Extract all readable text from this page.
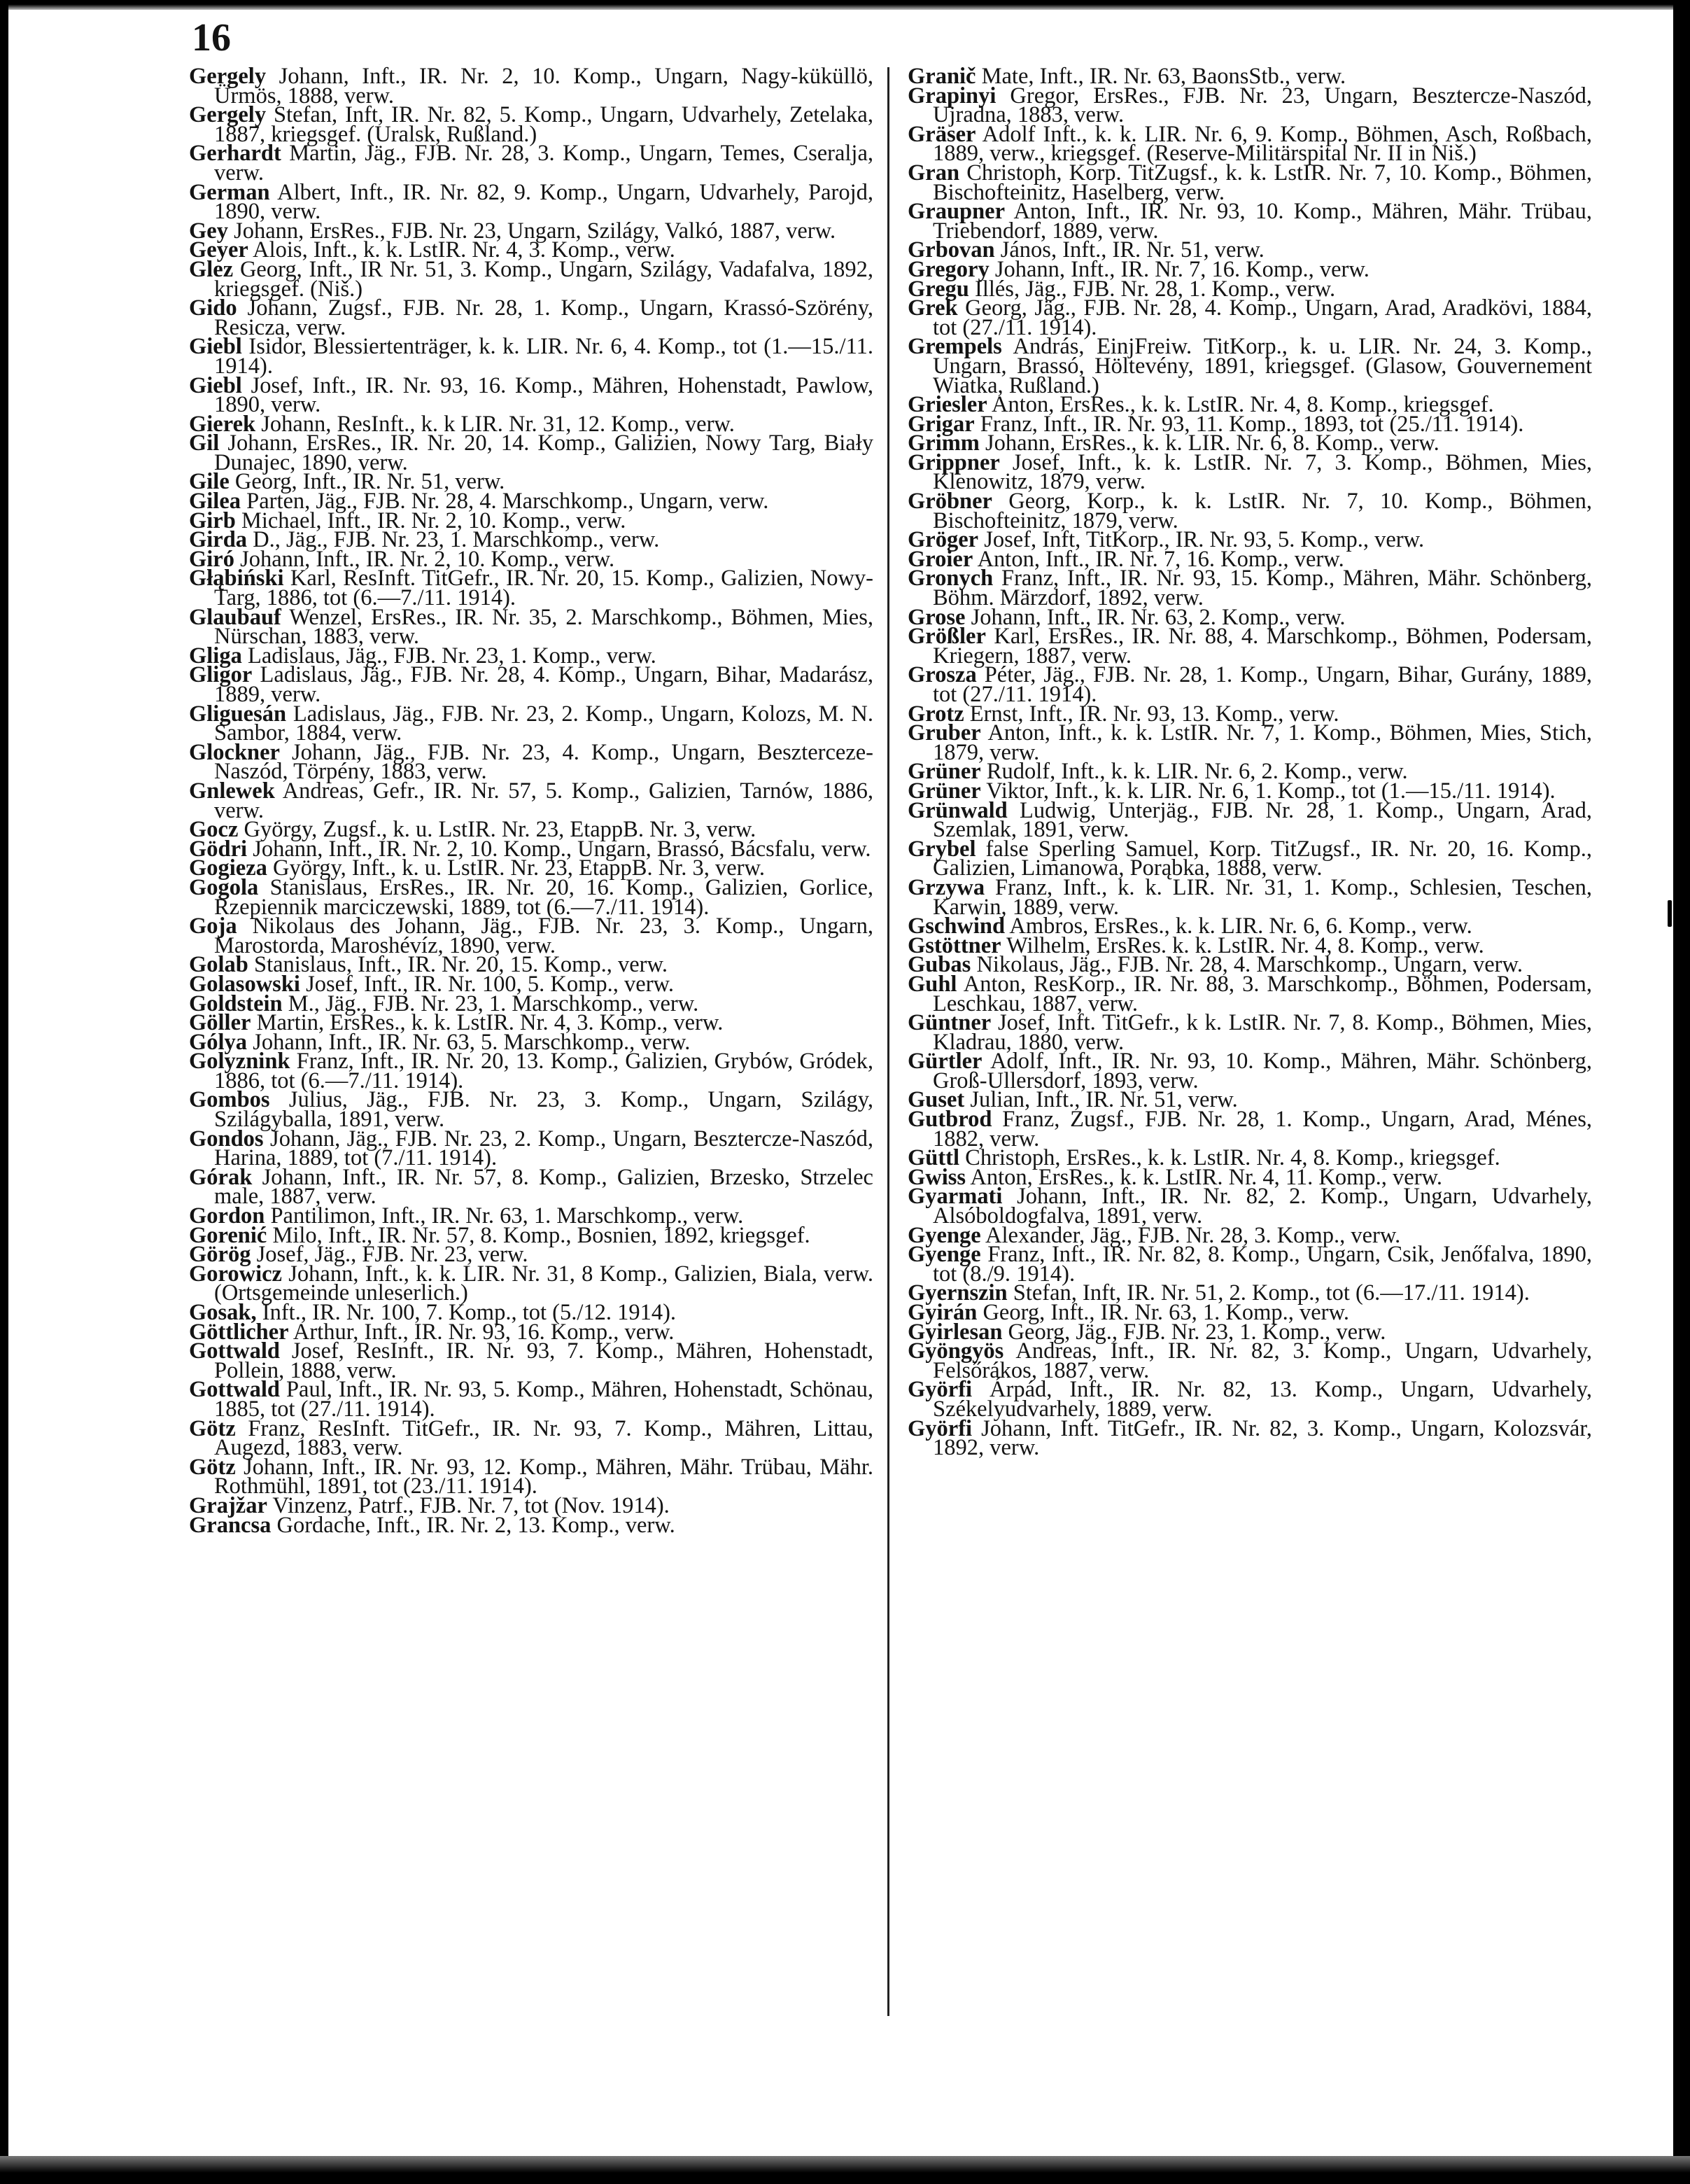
16

Gergely Johann, Inft., IR. Nr. 2, 10. Komp., Ungarn, Nagy-küküllö, Ürmös, 1888, verw.

Gergely Stefan, Inft, IR. Nr. 82, 5. Komp., Ungarn, Udvarhely, Zetelaka, 1887, kriegsgef. (Uralsk, Rußland.)

Gerhardt Martin, Jäg., FJB. Nr. 28, 3. Komp., Ungarn, Temes, Cseralja, verw.

German Albert, Inft., IR. Nr. 82, 9. Komp., Ungarn, Udvarhely, Parojd, 1890, verw.

Gey Johann, ErsRes., FJB. Nr. 23, Ungarn, Szilágy, Valkó, 1887, verw.

Geyer Alois, Inft., k. k. LstIR. Nr. 4, 3. Komp., verw.

Glez Georg, Inft., IR Nr. 51, 3. Komp., Ungarn, Szilágy, Vadafalva, 1892, kriegsgef. (Niš.)

Gido Johann, Zugsf., FJB. Nr. 28, 1. Komp., Ungarn, Krassó-Szörény, Resicza, verw.

Giebl Isidor, Blessiertenträger, k. k. LIR. Nr. 6, 4. Komp., tot (1.—15./11. 1914).

Giebl Josef, Inft., IR. Nr. 93, 16. Komp., Mähren, Hohenstadt, Pawlow, 1890, verw.

Gierek Johann, ResInft., k. k LIR. Nr. 31, 12. Komp., verw.

Gil Johann, ErsRes., IR. Nr. 20, 14. Komp., Galizien, Nowy Targ, Biały Dunajec, 1890, verw.

Gile Georg, Inft., IR. Nr. 51, verw.

Gilea Parten, Jäg., FJB. Nr. 28, 4. Marschkomp., Ungarn, verw.

Girb Michael, Inft., IR. Nr. 2, 10. Komp., verw.

Girda D., Jäg., FJB. Nr. 23, 1. Marschkomp., verw.

Giró Johann, Inft., IR. Nr. 2, 10. Komp., verw.

Głąbiński Karl, ResInft. TitGefr., IR. Nr. 20, 15. Komp., Galizien, Nowy-Targ, 1886, tot (6.—7./11. 1914).

Glaubauf Wenzel, ErsRes., IR. Nr. 35, 2. Marschkomp., Böhmen, Mies, Nürschan, 1883, verw.

Gliga Ladislaus, Jäg., FJB. Nr. 23, 1. Komp., verw.

Gligor Ladislaus, Jäg., FJB. Nr. 28, 4. Komp., Ungarn, Bihar, Madarász, 1889, verw.

Gliguesán Ladislaus, Jäg., FJB. Nr. 23, 2. Komp., Ungarn, Kolozs, M. N. Sambor, 1884, verw.

Glockner Johann, Jäg., FJB. Nr. 23, 4. Komp., Ungarn, Beszterceze-Naszód, Törpény, 1883, verw.

Gnlewek Andreas, Gefr., IR. Nr. 57, 5. Komp., Galizien, Tarnów, 1886, verw.

Gocz György, Zugsf., k. u. LstIR. Nr. 23, EtappB. Nr. 3, verw.

Gödri Johann, Inft., IR. Nr. 2, 10. Komp., Ungarn, Brassó, Bácsfalu, verw.

Gogieza György, Inft., k. u. LstIR. Nr. 23, EtappB. Nr. 3, verw.

Gogola Stanislaus, ErsRes., IR. Nr. 20, 16. Komp., Galizien, Gorlice, Rzepiennik marciczewski, 1889, tot (6.—7./11. 1914).

Goja Nikolaus des Johann, Jäg., FJB. Nr. 23, 3. Komp., Ungarn, Marostorda, Maroshévíz, 1890, verw.

Golab Stanislaus, Inft., IR. Nr. 20, 15. Komp., verw.

Golasowski Josef, Inft., IR. Nr. 100, 5. Komp., verw.

Goldstein M., Jäg., FJB. Nr. 23, 1. Marschkomp., verw.

Göller Martin, ErsRes., k. k. LstIR. Nr. 4, 3. Komp., verw.

Gólya Johann, Inft., IR. Nr. 63, 5. Marschkomp., verw.

Golyznink Franz, Inft., IR. Nr. 20, 13. Komp., Galizien, Grybów, Gródek, 1886, tot (6.—7./11. 1914).

Gombos Julius, Jäg., FJB. Nr. 23, 3. Komp., Ungarn, Szilágy, Szilágyballa, 1891, verw.

Gondos Johann, Jäg., FJB. Nr. 23, 2. Komp., Ungarn, Besztercze-Naszód, Harina, 1889, tot (7./11. 1914).

Górak Johann, Inft., IR. Nr. 57, 8. Komp., Galizien, Brzesko, Strzelec male, 1887, verw.

Gordon Pantilimon, Inft., IR. Nr. 63, 1. Marschkomp., verw.

Gorenić Milo, Inft., IR. Nr. 57, 8. Komp., Bosnien, 1892, kriegsgef.

Görög Josef, Jäg., FJB. Nr. 23, verw.

Gorowicz Johann, Inft., k. k. LIR. Nr. 31, 8 Komp., Galizien, Biala, verw. (Ortsgemeinde unleserlich.)

Gosak, Inft., IR. Nr. 100, 7. Komp., tot (5./12. 1914).

Göttlicher Arthur, Inft., IR. Nr. 93, 16. Komp., verw.

Gottwald Josef, ResInft., IR. Nr. 93, 7. Komp., Mähren, Hohenstadt, Pollein, 1888, verw.

Gottwald Paul, Inft., IR. Nr. 93, 5. Komp., Mähren, Hohenstadt, Schönau, 1885, tot (27./11. 1914).

Götz Franz, ResInft. TitGefr., IR. Nr. 93, 7. Komp., Mähren, Littau, Augezd, 1883, verw.

Götz Johann, Inft., IR. Nr. 93, 12. Komp., Mähren, Mähr. Trübau, Mähr. Rothmühl, 1891, tot (23./11. 1914).

Grajžar Vinzenz, Patrf., FJB. Nr. 7, tot (Nov. 1914).

Grancsa Gordache, Inft., IR. Nr. 2, 13. Komp., verw.

Granič Mate, Inft., IR. Nr. 63, BaonsStb., verw.

Grapinyi Gregor, ErsRes., FJB. Nr. 23, Ungarn, Besztercze-Naszód, Ujradna, 1883, verw.

Gräser Adolf Inft., k. k. LIR. Nr. 6, 9. Komp., Böhmen, Asch, Roßbach, 1889, verw., kriegsgef. (Reserve-Militärspital Nr. II in Niš.)

Gran Christoph, Korp. TitZugsf., k. k. LstIR. Nr. 7, 10. Komp., Böhmen, Bischofteinitz, Haselberg, verw.

Graupner Anton, Inft., IR. Nr. 93, 10. Komp., Mähren, Mähr. Trübau, Triebendorf, 1889, verw.

Grbovan János, Inft., IR. Nr. 51, verw.

Gregory Johann, Inft., IR. Nr. 7, 16. Komp., verw.

Gregu Illés, Jäg., FJB. Nr. 28, 1. Komp., verw.

Grek Georg, Jäg., FJB. Nr. 28, 4. Komp., Ungarn, Arad, Aradkövi, 1884, tot (27./11. 1914).

Grempels András, EinjFreiw. TitKorp., k. u. LIR. Nr. 24, 3. Komp., Ungarn, Brassó, Höltevény, 1891, kriegsgef. (Glasow, Gouvernement Wiatka, Rußland.)

Griesler Anton, ErsRes., k. k. LstIR. Nr. 4, 8. Komp., kriegsgef.

Grigar Franz, Inft., IR. Nr. 93, 11. Komp., 1893, tot (25./11. 1914).

Grimm Johann, ErsRes., k. k. LIR. Nr. 6, 8. Komp., verw.

Grippner Josef, Inft., k. k. LstIR. Nr. 7, 3. Komp., Böhmen, Mies, Klenowitz, 1879, verw.

Gröbner Georg, Korp., k. k. LstIR. Nr. 7, 10. Komp., Böhmen, Bischofteinitz, 1879, verw.

Gröger Josef, Inft, TitKorp., IR. Nr. 93, 5. Komp., verw.

Groier Anton, Inft., IR. Nr. 7, 16. Komp., verw.

Gronych Franz, Inft., IR. Nr. 93, 15. Komp., Mähren, Mähr. Schönberg, Böhm. Märzdorf, 1892, verw.

Grose Johann, Inft., IR. Nr. 63, 2. Komp., verw.

Größler Karl, ErsRes., IR. Nr. 88, 4. Marschkomp., Böhmen, Podersam, Kriegern, 1887, verw.

Grosza Péter, Jäg., FJB. Nr. 28, 1. Komp., Ungarn, Bihar, Gurány, 1889, tot (27./11. 1914).

Grotz Ernst, Inft., IR. Nr. 93, 13. Komp., verw.

Gruber Anton, Inft., k. k. LstIR. Nr. 7, 1. Komp., Böhmen, Mies, Stich, 1879, verw.

Grüner Rudolf, Inft., k. k. LIR. Nr. 6, 2. Komp., verw.

Grüner Viktor, Inft., k. k. LIR. Nr. 6, 1. Komp., tot (1.—15./11. 1914).

Grünwald Ludwig, Unterjäg., FJB. Nr. 28, 1. Komp., Ungarn, Arad, Szemlak, 1891, verw.

Grybel false Sperling Samuel, Korp. TitZugsf., IR. Nr. 20, 16. Komp., Galizien, Limanowa, Porąbka, 1888, verw.

Grzywa Franz, Inft., k. k. LIR. Nr. 31, 1. Komp., Schlesien, Teschen, Karwin, 1889, verw.

Gschwind Ambros, ErsRes., k. k. LIR. Nr. 6, 6. Komp., verw.

Gstöttner Wilhelm, ErsRes. k. k. LstIR. Nr. 4, 8. Komp., verw.

Gubas Nikolaus, Jäg., FJB. Nr. 28, 4. Marschkomp., Ungarn, verw.

Guhl Anton, ResKorp., IR. Nr. 88, 3. Marschkomp., Böhmen, Podersam, Leschkau, 1887, verw.

Güntner Josef, Inft. TitGefr., k k. LstIR. Nr. 7, 8. Komp., Böhmen, Mies, Kladrau, 1880, verw.

Gürtler Adolf, Inft., IR. Nr. 93, 10. Komp., Mähren, Mähr. Schönberg, Groß-Ullersdorf, 1893, verw.

Guset Julian, Inft., IR. Nr. 51, verw.

Gutbrod Franz, Zugsf., FJB. Nr. 28, 1. Komp., Ungarn, Arad, Ménes, 1882, verw.

Güttl Christoph, ErsRes., k. k. LstIR. Nr. 4, 8. Komp., kriegsgef.

Gwiss Anton, ErsRes., k. k. LstIR. Nr. 4, 11. Komp., verw.

Gyarmati Johann, Inft., IR. Nr. 82, 2. Komp., Ungarn, Udvarhely, Alsóboldogfalva, 1891, verw.

Gyenge Alexander, Jäg., FJB. Nr. 28, 3. Komp., verw.

Gyenge Franz, Inft., IR. Nr. 82, 8. Komp., Ungarn, Csik, Jenőfalva, 1890, tot (8./9. 1914).

Gyernszin Stefan, Inft, IR. Nr. 51, 2. Komp., tot (6.—17./11. 1914).

Gyirán Georg, Inft., IR. Nr. 63, 1. Komp., verw.

Gyirlesan Georg, Jäg., FJB. Nr. 23, 1. Komp., verw.

Gyöngyös Andreas, Inft., IR. Nr. 82, 3. Komp., Ungarn, Udvarhely, Felsőrákos, 1887, verw.

Györfi Árpád, Inft., IR. Nr. 82, 13. Komp., Ungarn, Udvarhely, Székelyudvarhely, 1889, verw.

Györfi Johann, Inft. TitGefr., IR. Nr. 82, 3. Komp., Ungarn, Kolozsvár, 1892, verw.
